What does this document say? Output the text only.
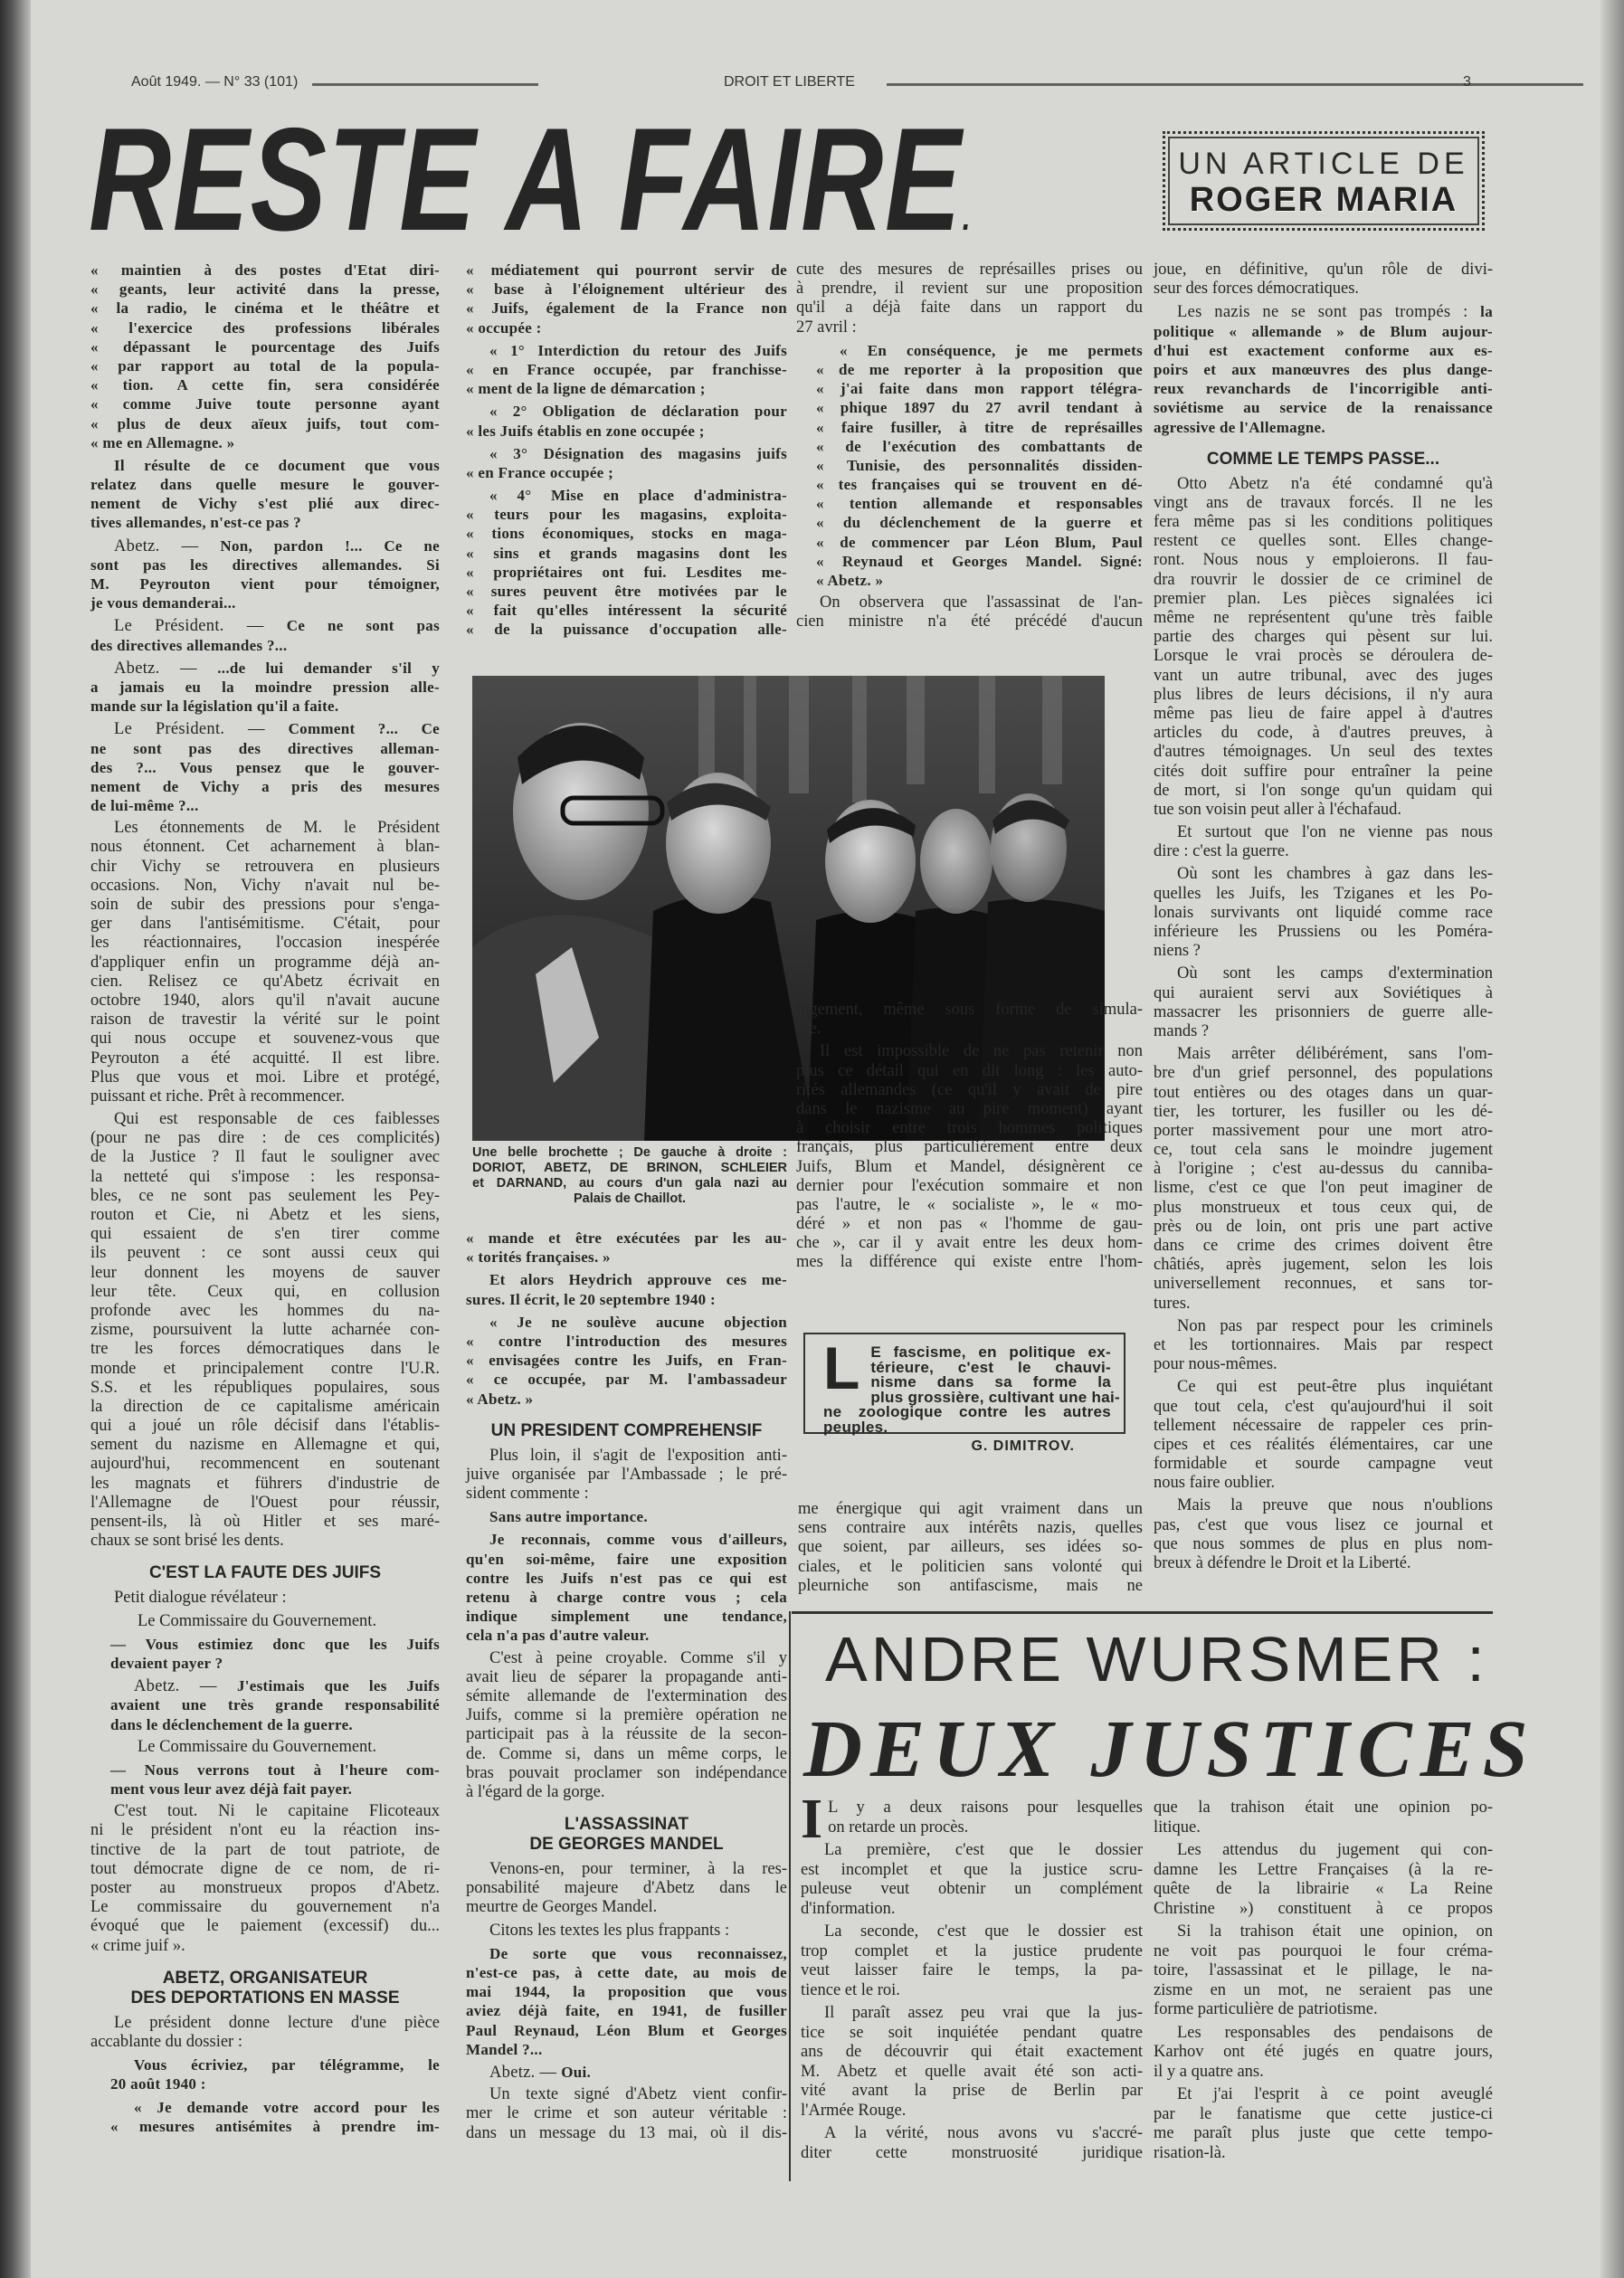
Août 1949. — N° 33 (101)	DROIT ET LIBERTE	3
RESTE A FAIRE.
UN ARTICLE DE
ROGER MARIA
« maintien à des postes d'Etat diri-
« geants, leur activité dans la presse,
« la radio, le cinéma et le théâtre et
« l'exercice des professions libérales
« dépassant le pourcentage des Juifs
« par rapport au total de la popula-
« tion. A cette fin, sera considérée
« comme Juive toute personne ayant
« plus de deux aïeux juifs, tout com-
« me en Allemagne. »
Il résulte de ce document que vous
relatez dans quelle mesure le gouver-
nement de Vichy s'est plié aux direc-
tives allemandes, n'est-ce pas ?
Abetz. — Non, pardon !... Ce ne
sont pas les directives allemandes. Si
M. Peyrouton vient pour témoigner,
je vous demanderai...
Le Président. — Ce ne sont pas
des directives allemandes ?...
Abetz. — ...de lui demander s'il y
a jamais eu la moindre pression alle-
mande sur la législation qu'il a faite.
Le Président. — Comment ?... Ce
ne sont pas des directives alleman-
des ?... Vous pensez que le gouver-
nement de Vichy a pris des mesures
de lui-même ?...
Les étonnements de M. le Président
nous étonnent. Cet acharnement à blan-
chir Vichy se retrouvera en plusieurs
occasions. Non, Vichy n'avait nul be-
soin de subir des pressions pour s'enga-
ger dans l'antisémitisme. C'était, pour
les réactionnaires, l'occasion inespérée
d'appliquer enfin un programme déjà an-
cien. Relisez ce qu'Abetz écrivait en
octobre 1940, alors qu'il n'avait aucune
raison de travestir la vérité sur le point
qui nous occupe et souvenez-vous que
Peyrouton a été acquitté. Il est libre.
Plus que vous et moi. Libre et protégé,
puissant et riche. Prêt à recommencer.
Qui est responsable de ces faiblesses
(pour ne pas dire : de ces complicités)
de la Justice ? Il faut le souligner avec
la netteté qui s'impose : les responsa-
bles, ce ne sont pas seulement les Pey-
routon et Cie, ni Abetz et les siens,
qui essaient de s'en tirer comme
ils peuvent : ce sont aussi ceux qui
leur donnent les moyens de sauver
leur tête. Ceux qui, en collusion
profonde avec les hommes du na-
zisme, poursuivent la lutte acharnée con-
tre les forces démocratiques dans le
monde et principalement contre l'U.R.
S.S. et les républiques populaires, sous
la direction de ce capitalisme américain
qui a joué un rôle décisif dans l'établis-
sement du nazisme en Allemagne et qui,
aujourd'hui, recommencent en soutenant
les magnats et führers d'industrie de
l'Allemagne de l'Ouest pour réussir,
pensent-ils, là où Hitler et ses maré-
chaux se sont brisé les dents.
C'EST LA FAUTE DES JUIFS
Petit dialogue révélateur :
Le Commissaire du Gouvernement.
— Vous estimiez donc que les Juifs
devaient payer ?
Abetz. — J'estimais que les Juifs
avaient une très grande responsabilité
dans le déclenchement de la guerre.
Le Commissaire du Gouvernement.
— Nous verrons tout à l'heure com-
ment vous leur avez déjà fait payer.
C'est tout. Ni le capitaine Flicoteaux
ni le président n'ont eu la réaction ins-
tinctive de la part de tout patriote, de
tout démocrate digne de ce nom, de ri-
poster au monstrueux propos d'Abetz.
Le commissaire du gouvernement n'a
évoqué que le paiement (excessif) du...
« crime juif ».
ABETZ, ORGANISATEUR
DES DEPORTATIONS EN MASSE
Le président donne lecture d'une pièce
accablante du dossier :
Vous écriviez, par télégramme, le
20 août 1940 :
« Je demande votre accord pour les
« mesures antisémites à prendre im-
« médiatement qui pourront servir de
« base à l'éloignement ultérieur des
« Juifs, également de la France non
« occupée :
« 1° Interdiction du retour des Juifs
« en France occupée, par franchisse-
« ment de la ligne de démarcation ;
« 2° Obligation de déclaration pour
« les Juifs établis en zone occupée ;
« 3° Désignation des magasins juifs
« en France occupée ;
« 4° Mise en place d'administra-
« teurs pour les magasins, exploita-
« tions économiques, stocks en maga-
« sins et grands magasins dont les
« propriétaires ont fui. Lesdites me-
« sures peuvent être motivées par le
« fait qu'elles intéressent la sécurité
« de la puissance d'occupation alle-
cute des mesures de représailles prises ou
à prendre, il revient sur une proposition
qu'il a déjà faite dans un rapport du
27 avril :
« En conséquence, je me permets
« de me reporter à la proposition que
« j'ai faite dans mon rapport télégra-
« phique 1897 du 27 avril tendant à
« faire fusiller, à titre de représailles
« de l'exécution des combattants de
« Tunisie, des personnalités dissiden-
« tes françaises qui se trouvent en dé-
« tention allemande et responsables
« du déclenchement de la guerre et
« de commencer par Léon Blum, Paul
« Reynaud et Georges Mandel. Signé:
« Abetz. »
On observera que l'assassinat de l'an-
cien ministre n'a été précédé d'aucun
joue, en définitive, qu'un rôle de divi-
seur des forces démocratiques.
Les nazis ne se sont pas trompés : la
politique « allemande » de Blum aujour-
d'hui est exactement conforme aux es-
poirs et aux manœuvres des plus dange-
reux revanchards de l'incorrigible anti-
soviétisme au service de la renaissance
agressive de l'Allemagne.
COMME LE TEMPS PASSE...
Otto Abetz n'a été condamné qu'à
vingt ans de travaux forcés. Il ne les
fera même pas si les conditions politiques
restent ce quelles sont. Elles change-
ront. Nous nous y emploierons. Il fau-
dra rouvrir le dossier de ce criminel de
premier plan. Les pièces signalées ici
même ne représentent qu'une très faible
partie des charges qui pèsent sur lui.
Lorsque le vrai procès se déroulera de-
vant un autre tribunal, avec des juges
plus libres de leurs décisions, il n'y aura
même pas lieu de faire appel à d'autres
articles du code, à d'autres preuves, à
d'autres témoignages. Un seul des textes
cités doit suffire pour entraîner la peine
de mort, si l'on songe qu'un quidam qui
tue son voisin peut aller à l'échafaud.
Et surtout que l'on ne vienne pas nous
dire : c'est la guerre.
Où sont les chambres à gaz dans les-
quelles les Juifs, les Tziganes et les Po-
lonais survivants ont liquidé comme race
inférieure les Prussiens ou les Poméra-
niens ?
Où sont les camps d'extermination
qui auraient servi aux Soviétiques à
massacrer les prisonniers de guerre alle-
mands ?
Mais arrêter délibérément, sans l'om-
bre d'un grief personnel, des populations
tout entières ou des otages dans un quar-
tier, les torturer, les fusiller ou les dé-
porter massivement pour une mort atro-
ce, tout cela sans le moindre jugement
à l'origine ; c'est au-dessus du canniba-
lisme, c'est ce que l'on peut imaginer de
plus monstrueux et tous ceux qui, de
près ou de loin, ont pris une part active
dans ce crime des crimes doivent être
châtiés, après jugement, selon les lois
universellement reconnues, et sans tor-
tures.
Non pas par respect pour les criminels
et les tortionnaires. Mais par respect
pour nous-mêmes.
Ce qui est peut-être plus inquiétant
que tout cela, c'est qu'aujourd'hui il soit
tellement nécessaire de rappeler ces prin-
cipes et ces réalités élémentaires, car une
formidable et sourde campagne veut
nous faire oublier.
Mais la preuve que nous n'oublions
pas, c'est que vous lisez ce journal et
que nous sommes de plus en plus nom-
breux à défendre le Droit et la Liberté.
Une belle brochette ; De gauche à droite :
DORIOT, ABETZ, DE BRINON, SCHLEIER
et DARNAND, au cours d'un gala nazi au
Palais de Chaillot.
« mande et être exécutées par les au-
« torités françaises. »
Et alors Heydrich approuve ces me-
sures. Il écrit, le 20 septembre 1940 :
« Je ne soulève aucune objection
« contre l'introduction des mesures
« envisagées contre les Juifs, en Fran-
« ce occupée, par M. l'ambassadeur
« Abetz. »
UN PRESIDENT COMPREHENSIF
Plus loin, il s'agit de l'exposition anti-
juive organisée par l'Ambassade ; le pré-
sident commente :
Sans autre importance.
Je reconnais, comme vous d'ailleurs,
qu'en soi-même, faire une exposition
contre les Juifs n'est pas ce qui est
retenu à charge contre vous ; cela
indique simplement une tendance,
cela n'a pas d'autre valeur.
C'est à peine croyable. Comme s'il y
avait lieu de séparer la propagande anti-
sémite allemande de l'extermination des
Juifs, comme si la première opération ne
participait pas à la réussite de la secon-
de. Comme si, dans un même corps, le
bras pouvait proclamer son indépendance
à l'égard de la gorge.
L'ASSASSINAT
DE GEORGES MANDEL
Venons-en, pour terminer, à la res-
ponsabilité majeure d'Abetz dans le
meurtre de Georges Mandel.
Citons les textes les plus frappants :
De sorte que vous reconnaissez,
n'est-ce pas, à cette date, au mois de
mai 1944, la proposition que vous
aviez déjà faite, en 1941, de fusiller
Paul Reynaud, Léon Blum et Georges
Mandel ?...
Abetz. — Oui.
Un texte signé d'Abetz vient confir-
mer le crime et son auteur véritable :
dans un message du 13 mai, où il dis-
jugement, même sous forme de simula-
cre.
Il est impossible de ne pas retenir non
plus ce détail qui en dit long : les auto-
rités allemandes (ce qu'il y avait de pire
dans le nazisme au pire moment) ayant
à choisir entre trois hommes politiques
français, plus particulièrement entre deux
Juifs, Blum et Mandel, désignèrent ce
dernier pour l'exécution sommaire et non
pas l'autre, le « socialiste », le « mo-
déré » et non pas « l'homme de gau-
che », car il y avait entre les deux hom-
mes la différence qui existe entre l'hom-
L E fascisme, en politique ex-
térieure, c'est le chauvi-
nisme dans sa forme la
plus grossière, cultivant une hai-
ne zoologique contre les autres
peuples.
G. DIMITROV.
me énergique qui agit vraiment dans un
sens contraire aux intérêts nazis, quelles
que soient, par ailleurs, ses idées so-
ciales, et le politicien sans volonté qui
pleurniche son antifascisme, mais ne
ANDRE WURSMER :
DEUX JUSTICES
I L y a deux raisons pour lesquelles
on retarde un procès.
La première, c'est que le dossier
est incomplet et que la justice scru-
puleuse veut obtenir un complément
d'information.
La seconde, c'est que le dossier est
trop complet et la justice prudente
veut laisser faire le temps, la pa-
tience et le roi.
Il paraît assez peu vrai que la jus-
tice se soit inquiétée pendant quatre
ans de découvrir qui était exactement
M. Abetz et quelle avait été son acti-
vité avant la prise de Berlin par
l'Armée Rouge.
A la vérité, nous avons vu s'accré-
diter cette monstruosité juridique
que la trahison était une opinion po-
litique.
Les attendus du jugement qui con-
damne les Lettre Françaises (à la re-
quête de la librairie « La Reine
Christine ») constituent à ce propos
Si la trahison était une opinion, on
ne voit pas pourquoi le four créma-
toire, l'assassinat et le pillage, le na-
zisme en un mot, ne seraient pas une
forme particulière de patriotisme.
Les responsables des pendaisons de
Karhov ont été jugés en quatre jours,
il y a quatre ans.
Et j'ai l'esprit à ce point aveuglé
par le fanatisme que cette justice-ci
me paraît plus juste que cette tempo-
risation-là.
